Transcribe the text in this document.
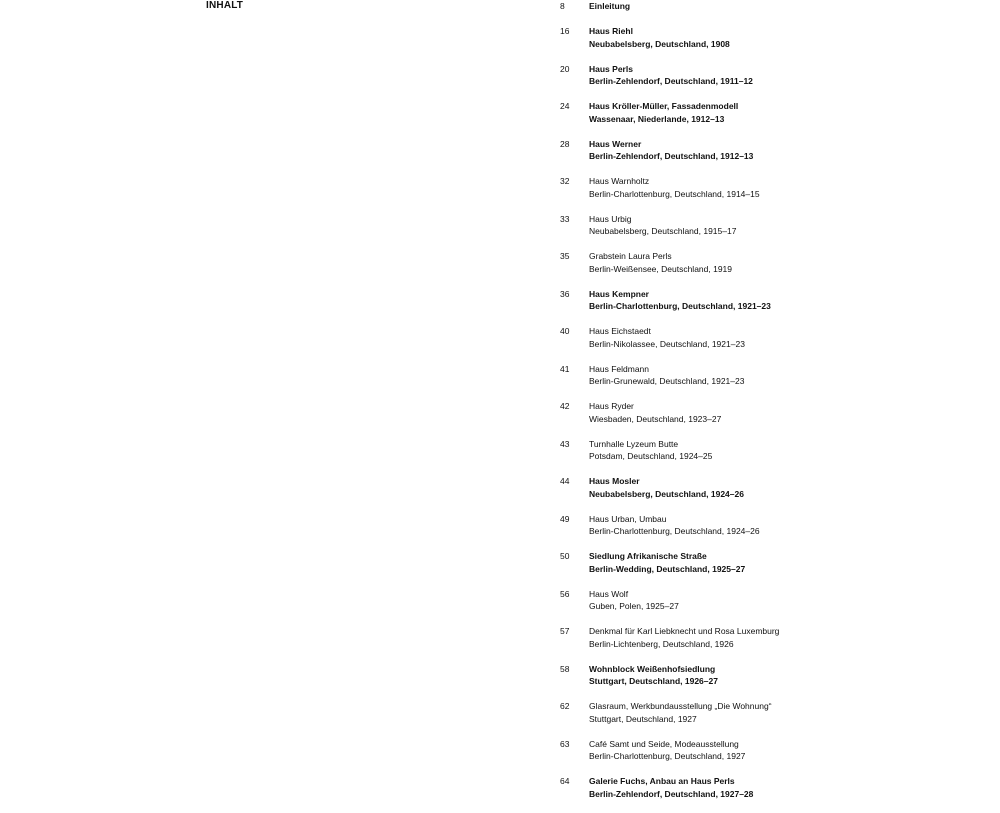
INHALT	8	Einleitung
16 Haus Riehl
Neubabelsberg, Deutschland, 1908
20 Haus Perls
Berlin-Zehlendorf, Deutschland, 1911–12
24 Haus Kröller-Müller, Fassadenmodell
Wassenaar, Niederlande, 1912–13
28 Haus Werner
Berlin-Zehlendorf, Deutschland, 1912–13
32 Haus Warnholtz
Berlin-Charlottenburg, Deutschland, 1914–15
33 Haus Urbig
Neubabelsberg, Deutschland, 1915–17
35 Grabstein Laura Perls
Berlin-Weißensee, Deutschland, 1919
36 Haus Kempner
Berlin-Charlottenburg, Deutschland, 1921–23
40 Haus Eichstaedt
Berlin-Nikolassee, Deutschland, 1921–23
41 Haus Feldmann
Berlin-Grunewald, Deutschland, 1921–23
42 Haus Ryder
Wiesbaden, Deutschland, 1923–27
43 Turnhalle Lyzeum Butte
Potsdam, Deutschland, 1924–25
44 Haus Mosler
Neubabelsberg, Deutschland, 1924–26
49 Haus Urban, Umbau
Berlin-Charlottenburg, Deutschland, 1924–26
50 Siedlung Afrikanische Straße
Berlin-Wedding, Deutschland, 1925–27
56 Haus Wolf
Guben, Polen, 1925–27
57 Denkmal für Karl Liebknecht und Rosa Luxemburg
Berlin-Lichtenberg, Deutschland, 1926
58 Wohnblock Weißenhofsiedlung
Stuttgart, Deutschland, 1926–27
62 Glasraum, Werkbundausstellung „Die Wohnung“
Stuttgart, Deutschland, 1927
63 Café Samt und Seide, Modeausstellung
Berlin-Charlottenburg, Deutschland, 1927
64 Galerie Fuchs, Anbau an Haus Perls
Berlin-Zehlendorf, Deutschland, 1927–28
